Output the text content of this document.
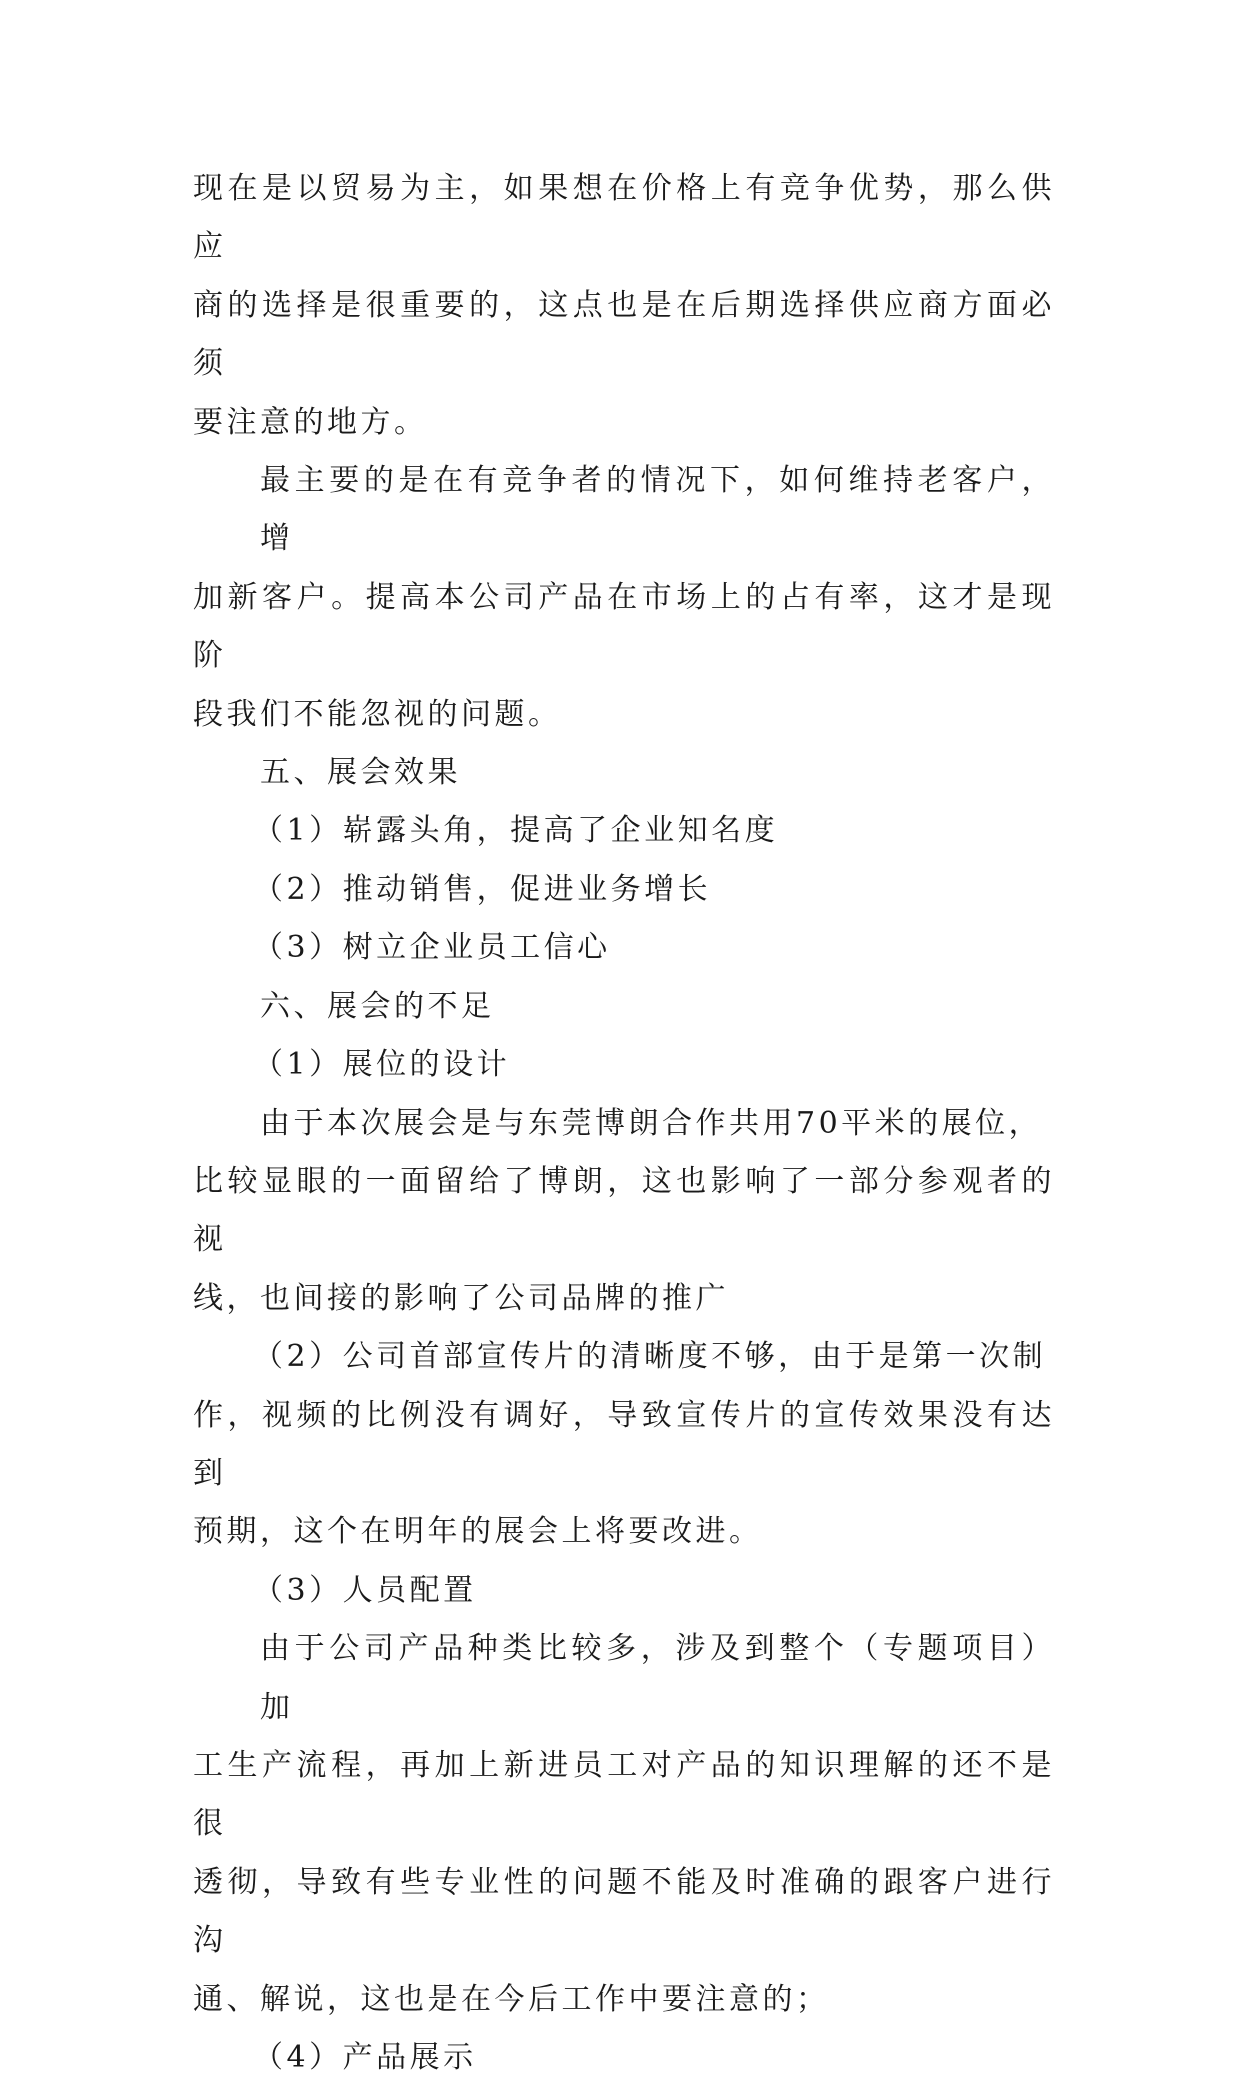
现在是以贸易为主，如果想在价格上有竞争优势，那么供应
商的选择是很重要的，这点也是在后期选择供应商方面必须
要注意的地方。
最主要的是在有竞争者的情况下，如何维持老客户，增
加新客户。提高本公司产品在市场上的占有率，这才是现阶
段我们不能忽视的问题。
五、展会效果
（1）崭露头角，提高了企业知名度
（2）推动销售，促进业务增长
（3）树立企业员工信心
六、展会的不足
（1）展位的设计
由于本次展会是与东莞博朗合作共用70平米的展位，
比较显眼的一面留给了博朗，这也影响了一部分参观者的视
线，也间接的影响了公司品牌的推广
（2）公司首部宣传片的清晰度不够，由于是第一次制
作，视频的比例没有调好，导致宣传片的宣传效果没有达到
预期，这个在明年的展会上将要改进。
（3）人员配置
由于公司产品种类比较多，涉及到整个（专题项目）加
工生产流程，再加上新进员工对产品的知识理解的还不是很
透彻，导致有些专业性的问题不能及时准确的跟客户进行沟
通、解说，这也是在今后工作中要注意的；
（4）产品展示
